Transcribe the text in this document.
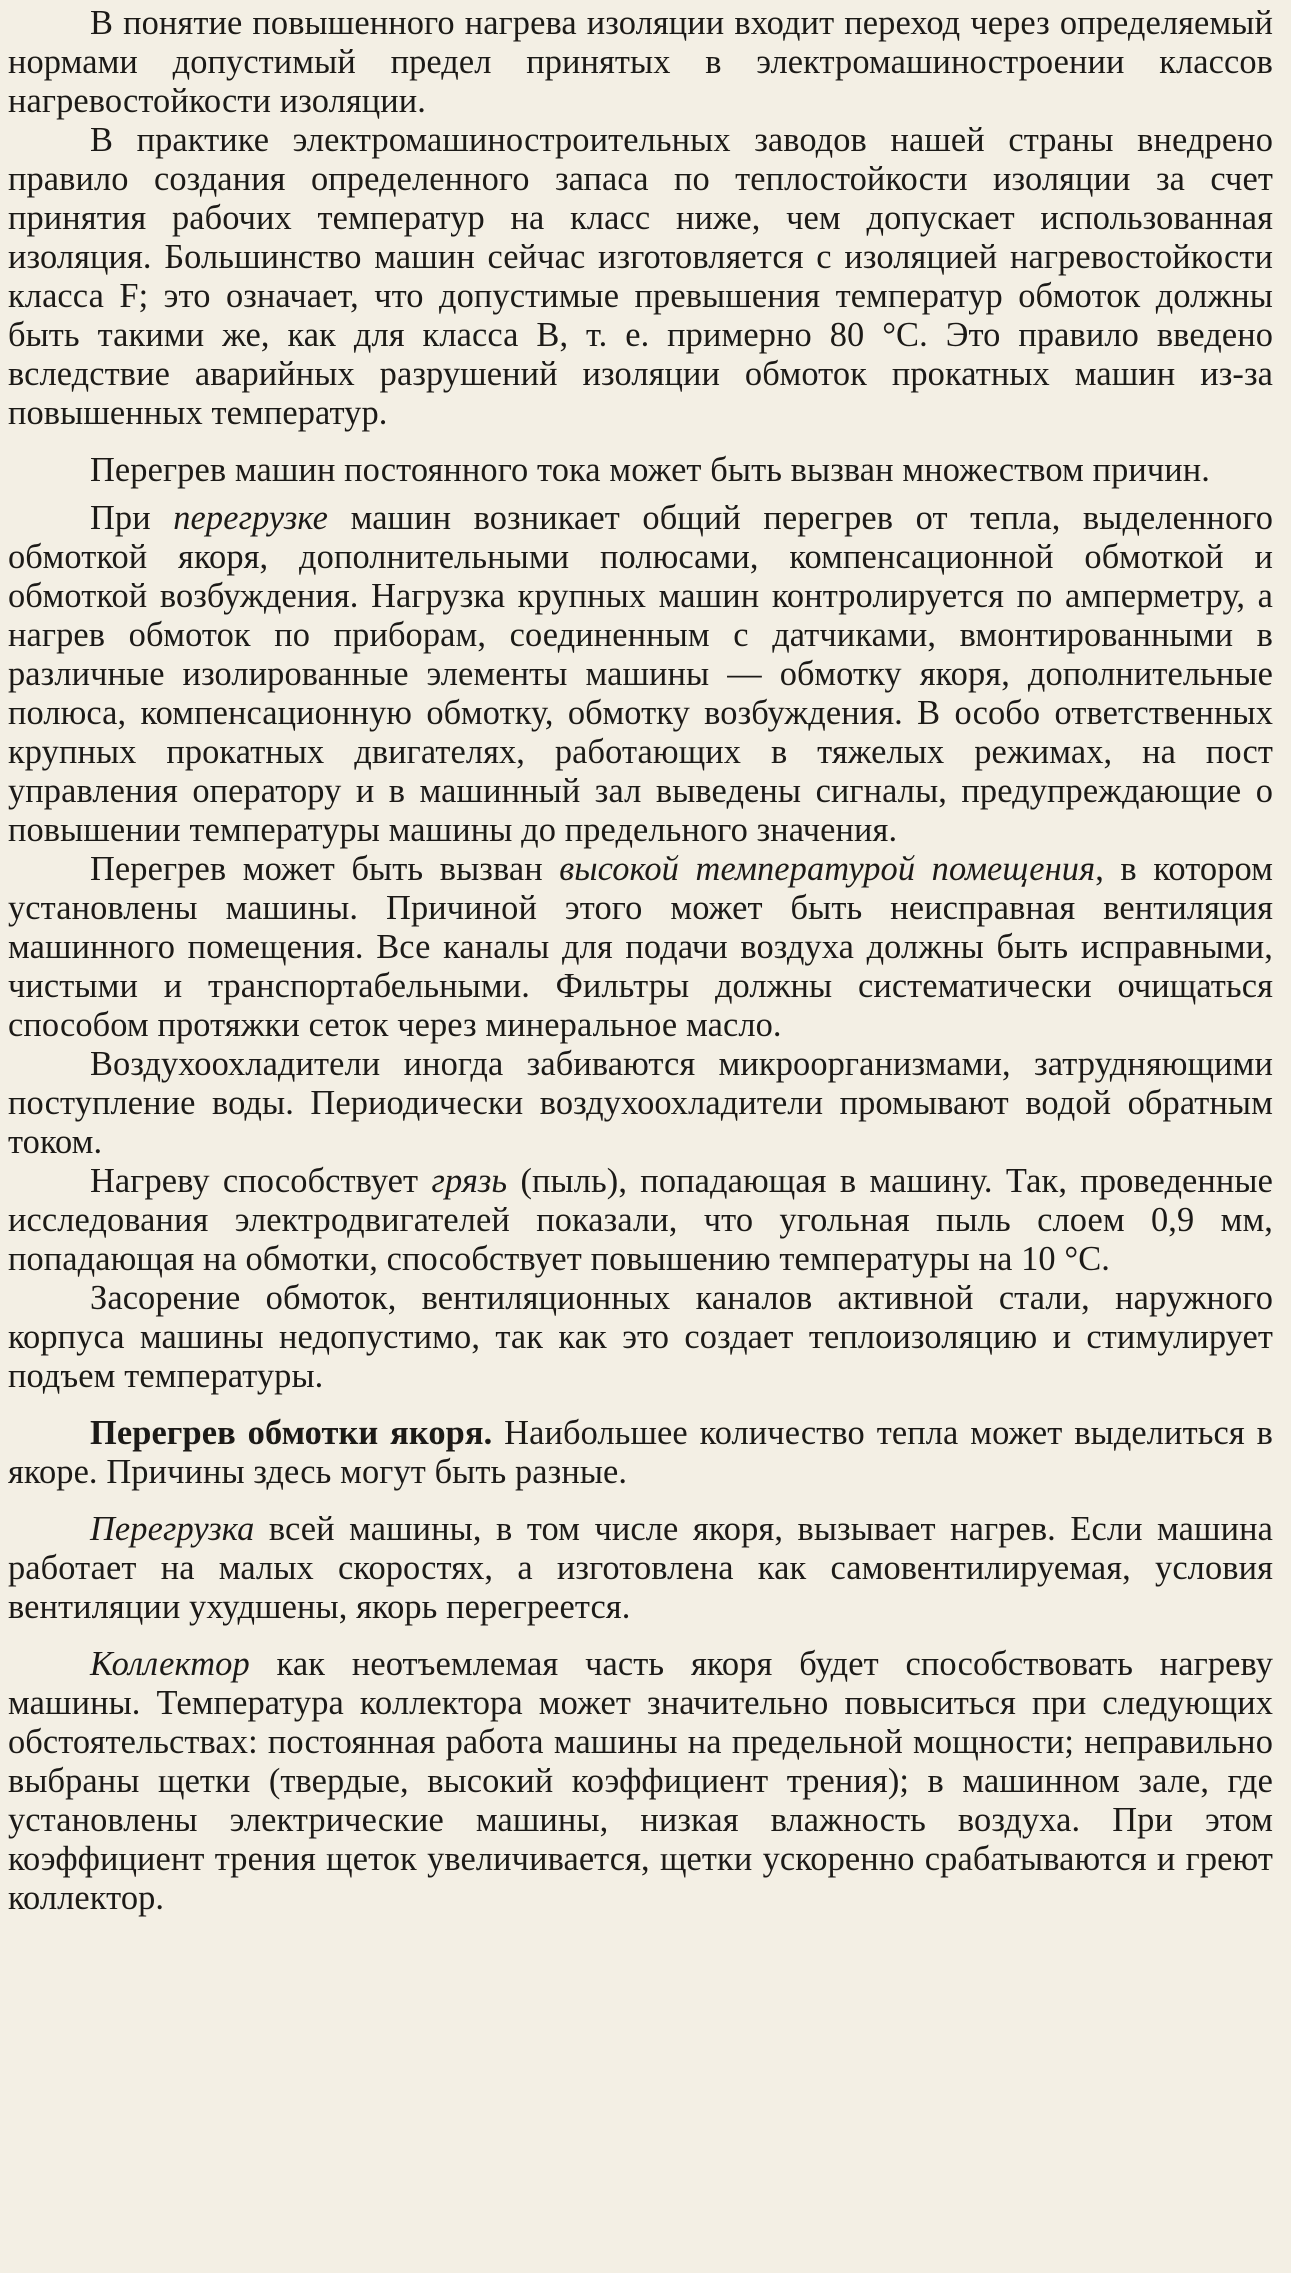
В понятие повышенного нагрева изоляции входит переход через определяемый нормами допустимый предел принятых в электромашиностроении классов нагревостойкости изоляции.

В практике электромашиностроительных заводов нашей страны внедрено правило создания определенного запаса по теплостойкости изоляции за счет принятия рабочих температур на класс ниже, чем допускает использованная изоляция. Большинство машин сейчас изготовляется с изоляцией нагревостойкости класса F; это означает, что допустимые превышения температур обмоток должны быть такими же, как для класса В, т. е. примерно 80 °С. Это правило введено вследствие аварийных разрушений изоляции обмоток прокатных машин из-за повышенных температур.

Перегрев машин постоянного тока может быть вызван множеством причин.

При перегрузке машин возникает общий перегрев от тепла, выделенного обмоткой якоря, дополнительными полюсами, компенсационной обмоткой и обмоткой возбуждения. Нагрузка крупных машин контролируется по амперметру, а нагрев обмоток по приборам, соединенным с датчиками, вмонтированными в различные изолированные элементы машины — обмотку якоря, дополнительные полюса, компенсационную обмотку, обмотку возбуждения. В особо ответственных крупных прокатных двигателях, работающих в тяжелых режимах, на пост управления оператору и в машинный зал выведены сигналы, предупреждающие о повышении температуры машины до предельного значения.

Перегрев может быть вызван высокой температурой помещения, в котором установлены машины. Причиной этого может быть неисправная вентиляция машинного помещения. Все каналы для подачи воздуха должны быть исправными, чистыми и транспортабельными. Фильтры должны систематически очищаться способом протяжки сеток через минеральное масло.

Воздухоохладители иногда забиваются микроорганизмами, затрудняющими поступление воды. Периодически воздухоохладители промывают водой обратным током.

Нагреву способствует грязь (пыль), попадающая в машину. Так, проведенные исследования электродвигателей показали, что угольная пыль слоем 0,9 мм, попадающая на обмотки, способствует повышению температуры на 10 °С.

Засорение обмоток, вентиляционных каналов активной стали, наружного корпуса машины недопустимо, так как это создает теплоизоляцию и стимулирует подъем температуры.

Перегрев обмотки якоря. Наибольшее количество тепла может выделиться в якоре. Причины здесь могут быть разные.

Перегрузка всей машины, в том числе якоря, вызывает нагрев. Если машина работает на малых скоростях, а изготовлена как самовентилируемая, условия вентиляции ухудшены, якорь перегреется.

Коллектор как неотъемлемая часть якоря будет способствовать нагреву машины. Температура коллектора может значительно повыситься при следующих обстоятельствах: постоянная работа машины на предельной мощности; неправильно выбраны щетки (твердые, высокий коэффициент трения); в машинном зале, где установлены электрические машины, низкая влажность воздуха. При этом коэффициент трения щеток увеличивается, щетки ускоренно срабатываются и греют коллектор.
